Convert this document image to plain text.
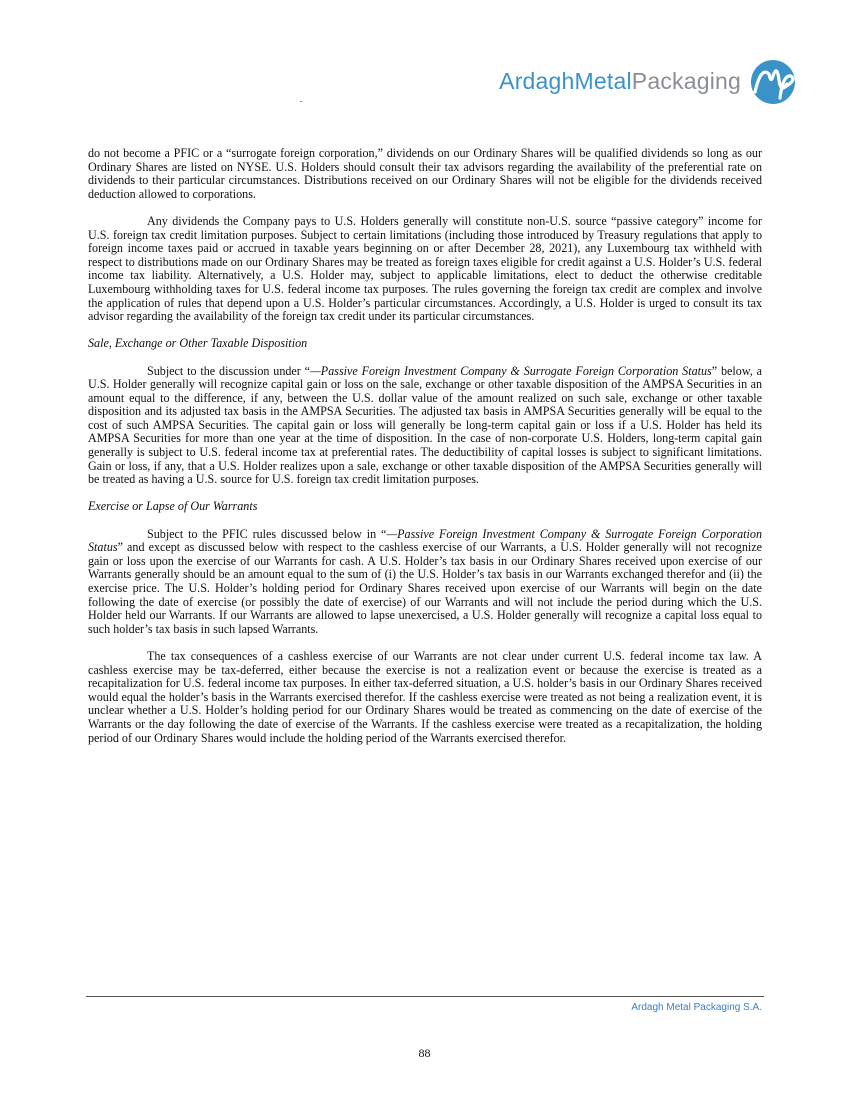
ArdaghMetalPackaging

do not become a PFIC or a “surrogate foreign corporation,” dividends on our Ordinary Shares will be qualified dividends so long as our Ordinary Shares are listed on NYSE. U.S. Holders should consult their tax advisors regarding the availability of the preferential rate on dividends to their particular circumstances. Distributions received on our Ordinary Shares will not be eligible for the dividends received deduction allowed to corporations.

Any dividends the Company pays to U.S. Holders generally will constitute non-U.S. source “passive category” income for U.S. foreign tax credit limitation purposes. Subject to certain limitations (including those introduced by Treasury regulations that apply to foreign income taxes paid or accrued in taxable years beginning on or after December 28, 2021), any Luxembourg tax withheld with respect to distributions made on our Ordinary Shares may be treated as foreign taxes eligible for credit against a U.S. Holder’s U.S. federal income tax liability. Alternatively, a U.S. Holder may, subject to applicable limitations, elect to deduct the otherwise creditable Luxembourg withholding taxes for U.S. federal income tax purposes. The rules governing the foreign tax credit are complex and involve the application of rules that depend upon a U.S. Holder’s particular circumstances. Accordingly, a U.S. Holder is urged to consult its tax advisor regarding the availability of the foreign tax credit under its particular circumstances.

Sale, Exchange or Other Taxable Disposition

Subject to the discussion under “—Passive Foreign Investment Company & Surrogate Foreign Corporation Status” below, a U.S. Holder generally will recognize capital gain or loss on the sale, exchange or other taxable disposition of the AMPSA Securities in an amount equal to the difference, if any, between the U.S. dollar value of the amount realized on such sale, exchange or other taxable disposition and its adjusted tax basis in the AMPSA Securities. The adjusted tax basis in AMPSA Securities generally will be equal to the cost of such AMPSA Securities. The capital gain or loss will generally be long-term capital gain or loss if a U.S. Holder has held its AMPSA Securities for more than one year at the time of disposition. In the case of non-corporate U.S. Holders, long-term capital gain generally is subject to U.S. federal income tax at preferential rates. The deductibility of capital losses is subject to significant limitations. Gain or loss, if any, that a U.S. Holder realizes upon a sale, exchange or other taxable disposition of the AMPSA Securities generally will be treated as having a U.S. source for U.S. foreign tax credit limitation purposes.

Exercise or Lapse of Our Warrants

Subject to the PFIC rules discussed below in “—Passive Foreign Investment Company & Surrogate Foreign Corporation Status” and except as discussed below with respect to the cashless exercise of our Warrants, a U.S. Holder generally will not recognize gain or loss upon the exercise of our Warrants for cash. A U.S. Holder’s tax basis in our Ordinary Shares received upon exercise of our Warrants generally should be an amount equal to the sum of (i) the U.S. Holder’s tax basis in our Warrants exchanged therefor and (ii) the exercise price. The U.S. Holder’s holding period for Ordinary Shares received upon exercise of our Warrants will begin on the date following the date of exercise (or possibly the date of exercise) of our Warrants and will not include the period during which the U.S. Holder held our Warrants. If our Warrants are allowed to lapse unexercised, a U.S. Holder generally will recognize a capital loss equal to such holder’s tax basis in such lapsed Warrants.

The tax consequences of a cashless exercise of our Warrants are not clear under current U.S. federal income tax law. A cashless exercise may be tax-deferred, either because the exercise is not a realization event or because the exercise is treated as a recapitalization for U.S. federal income tax purposes. In either tax-deferred situation, a U.S. holder’s basis in our Ordinary Shares received would equal the holder’s basis in the Warrants exercised therefor. If the cashless exercise were treated as not being a realization event, it is unclear whether a U.S. Holder’s holding period for our Ordinary Shares would be treated as commencing on the date of exercise of the Warrants or the day following the date of exercise of the Warrants. If the cashless exercise were treated as a recapitalization, the holding period of our Ordinary Shares would include the holding period of the Warrants exercised therefor.

Ardagh Metal Packaging S.A.
88
